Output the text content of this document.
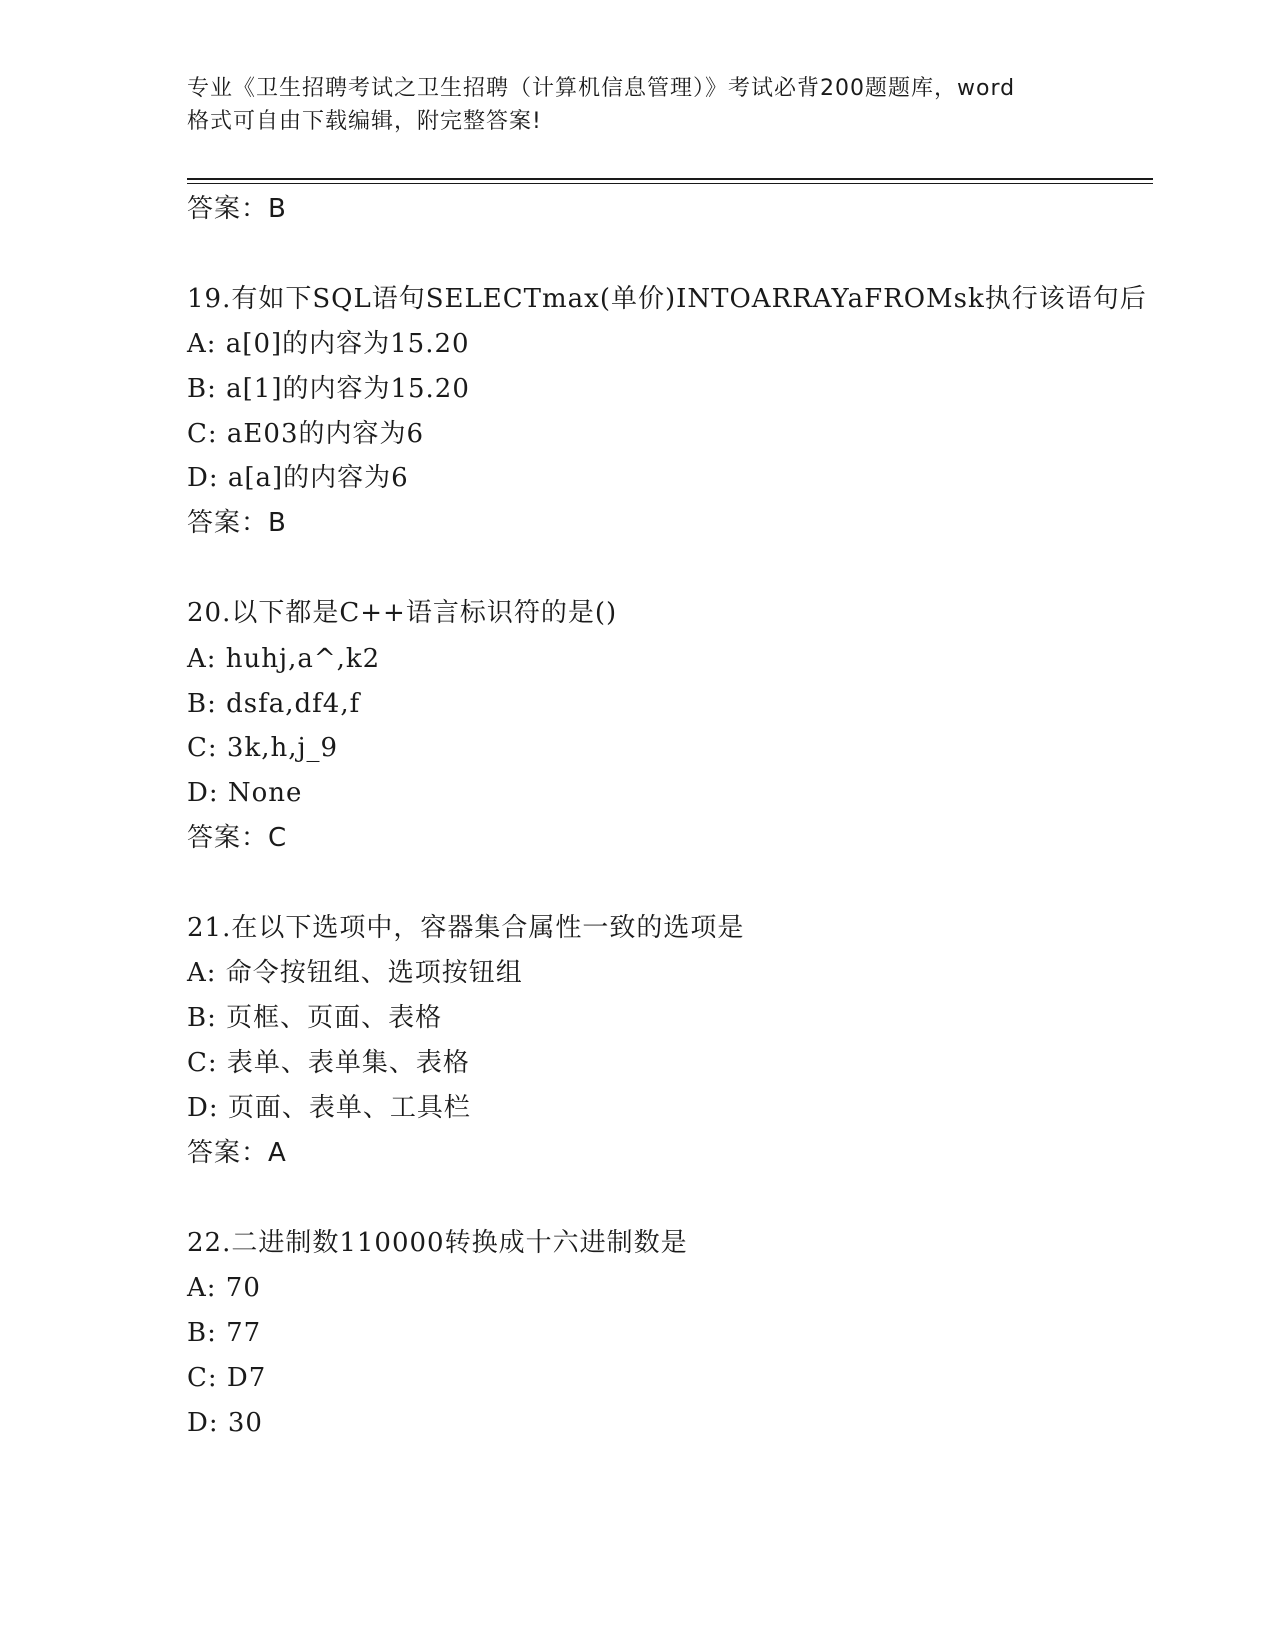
专业《卫生招聘考试之卫生招聘（计算机信息管理）》考试必背200题题库，word
格式可自由下载编辑，附完整答案!
答案：B
19.有如下SQL语句SELECTmax(单价)INTOARRAYaFROMsk执行该语句后
A: a[0]的内容为15.20
B: a[1]的内容为15.20
C: aE03的内容为6
D: a[a]的内容为6
答案：B
20.以下都是C++语言标识符的是()
A: huhj,a^,k2
B: dsfa,df4,f
C: 3k,h,j_9
D: None
答案：C
21.在以下选项中，容器集合属性一致的选项是
A: 命令按钮组、选项按钮组
B: 页框、页面、表格
C: 表单、表单集、表格
D: 页面、表单、工具栏
答案：A
22.二进制数110000转换成十六进制数是
A: 70
B: 77
C: D7
D: 30
